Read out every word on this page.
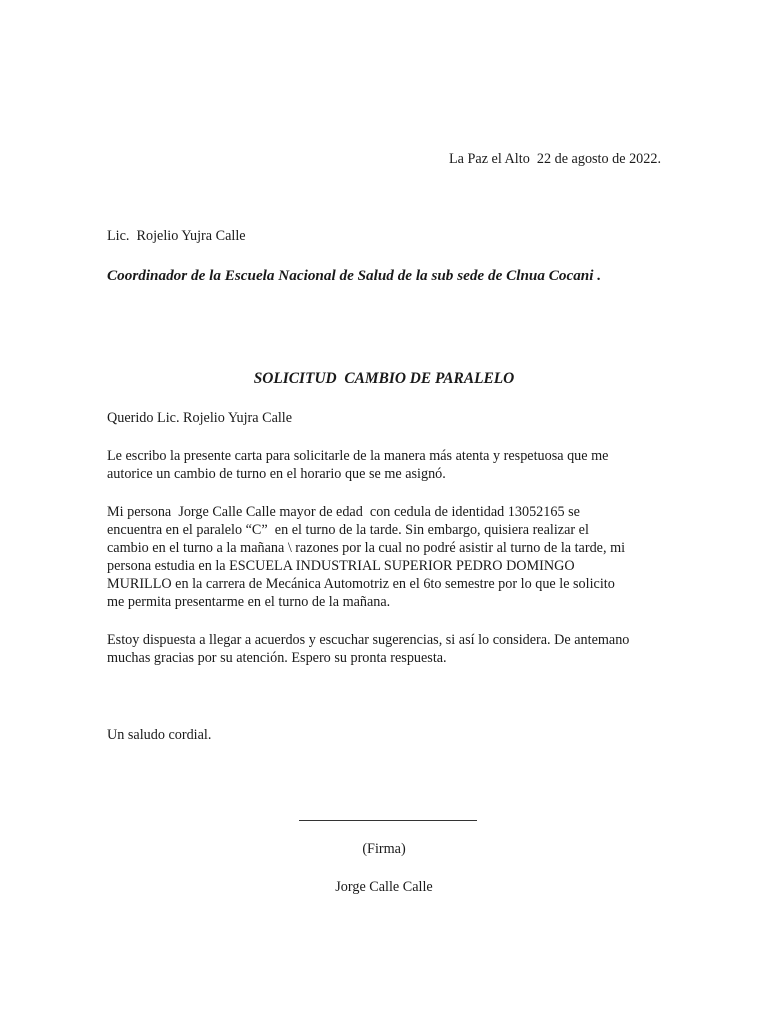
La Paz el Alto  22 de agosto de 2022.
Lic.  Rojelio Yujra Calle
Coordinador de la Escuela Nacional de Salud de la sub sede de Clnua Cocani .
SOLICITUD  CAMBIO DE PARALELO
Querido Lic. Rojelio Yujra Calle
Le escribo la presente carta para solicitarle de la manera más atenta y respetuosa que me
autorice un cambio de turno en el horario que se me asignó.
Mi persona  Jorge Calle Calle mayor de edad  con cedula de identidad 13052165 se
encuentra en el paralelo “C”  en el turno de la tarde. Sin embargo, quisiera realizar el
cambio en el turno a la mañana \ razones por la cual no podré asistir al turno de la tarde, mi
persona estudia en la ESCUELA INDUSTRIAL SUPERIOR PEDRO DOMINGO
MURILLO en la carrera de Mecánica Automotriz en el 6to semestre por lo que le solicito
me permita presentarme en el turno de la mañana.
Estoy dispuesta a llegar a acuerdos y escuchar sugerencias, si así lo considera. De antemano
muchas gracias por su atención. Espero su pronta respuesta.
Un saludo cordial.
(Firma)
Jorge Calle Calle
